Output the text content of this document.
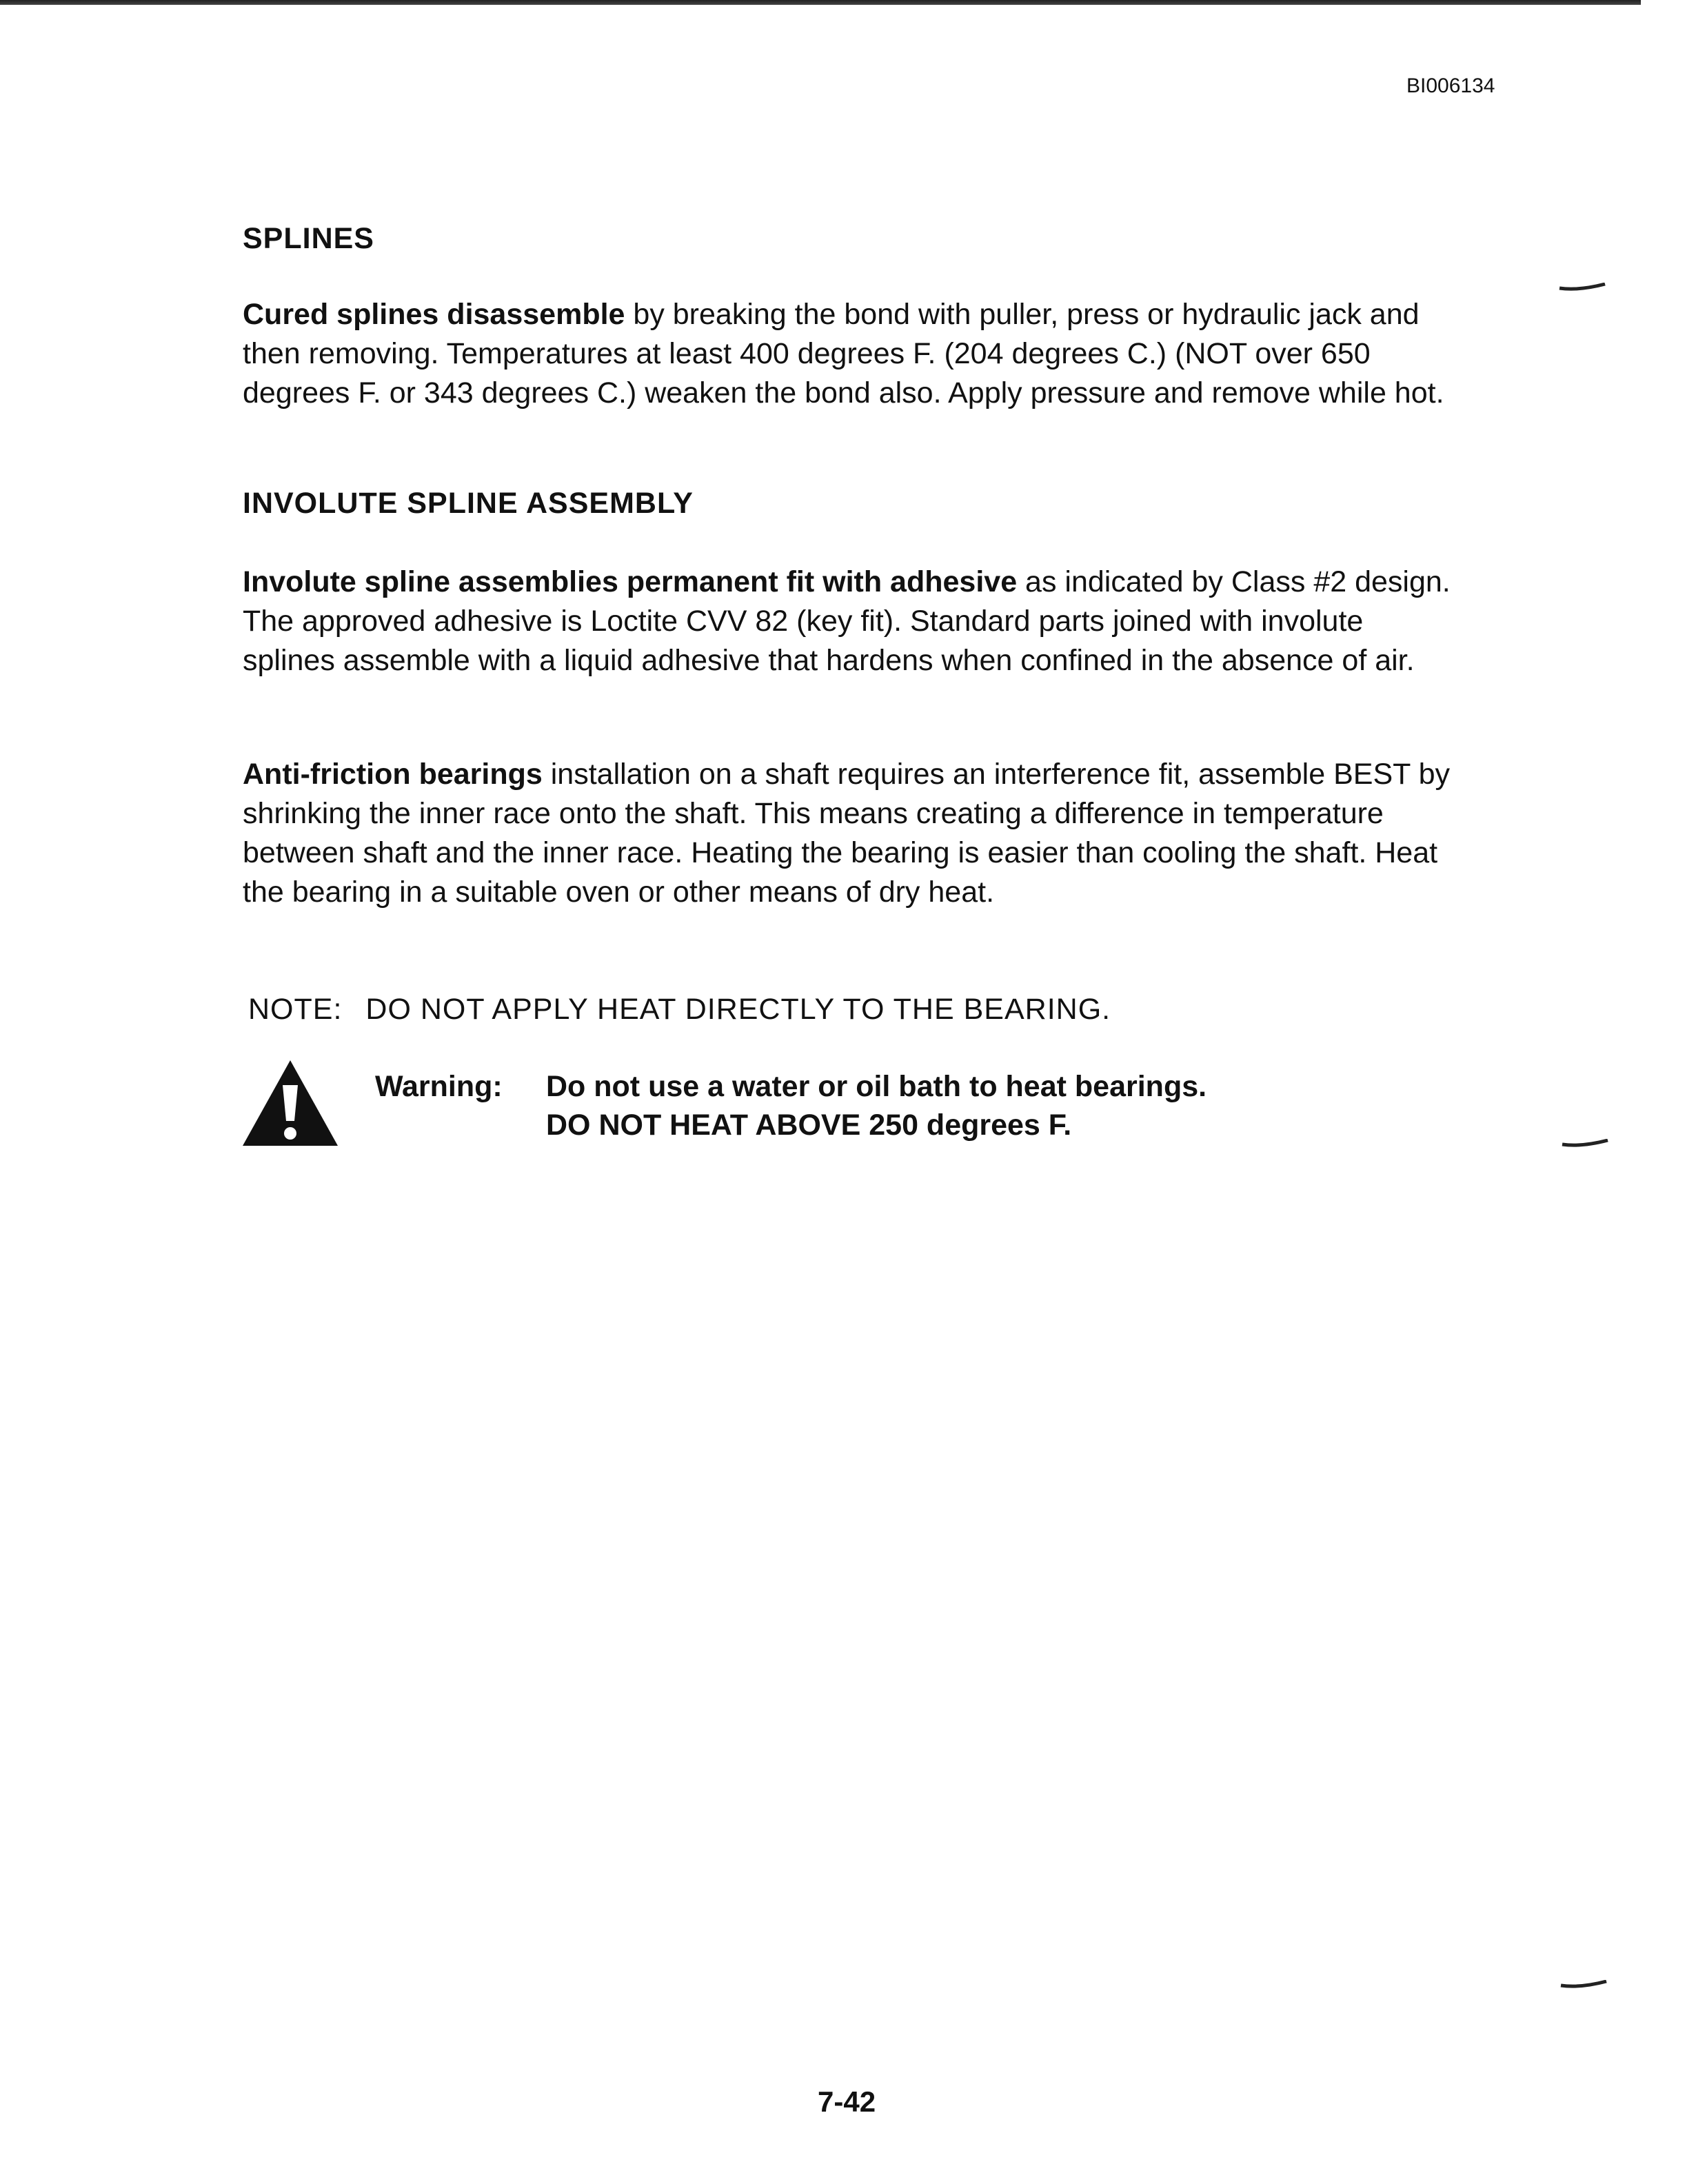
BI006134
SPLINES
Cured splines disassemble by breaking the bond with puller, press or hydraulic jack and then removing. Temperatures at least 400 degrees F. (204 degrees C.) (NOT over 650 degrees F. or 343 degrees C.) weaken the bond also. Apply pressure and remove while hot.
INVOLUTE SPLINE ASSEMBLY
Involute spline assemblies permanent fit with adhesive as indicated by Class #2 design. The approved adhesive is Loctite CVV 82 (key fit). Standard parts joined with involute splines assemble with a liquid adhesive that hardens when confined in the absence of air.
Anti-friction bearings installation on a shaft requires an interference fit, assemble BEST by shrinking the inner race onto the shaft. This means creating a difference in temperature between shaft and the inner race. Heating the bearing is easier than cooling the shaft. Heat the bearing in a suitable oven or other means of dry heat.
NOTE: DO NOT APPLY HEAT DIRECTLY TO THE BEARING.
Warning: Do not use a water or oil bath to heat bearings.
DO NOT HEAT ABOVE 250 degrees F.
7-42
